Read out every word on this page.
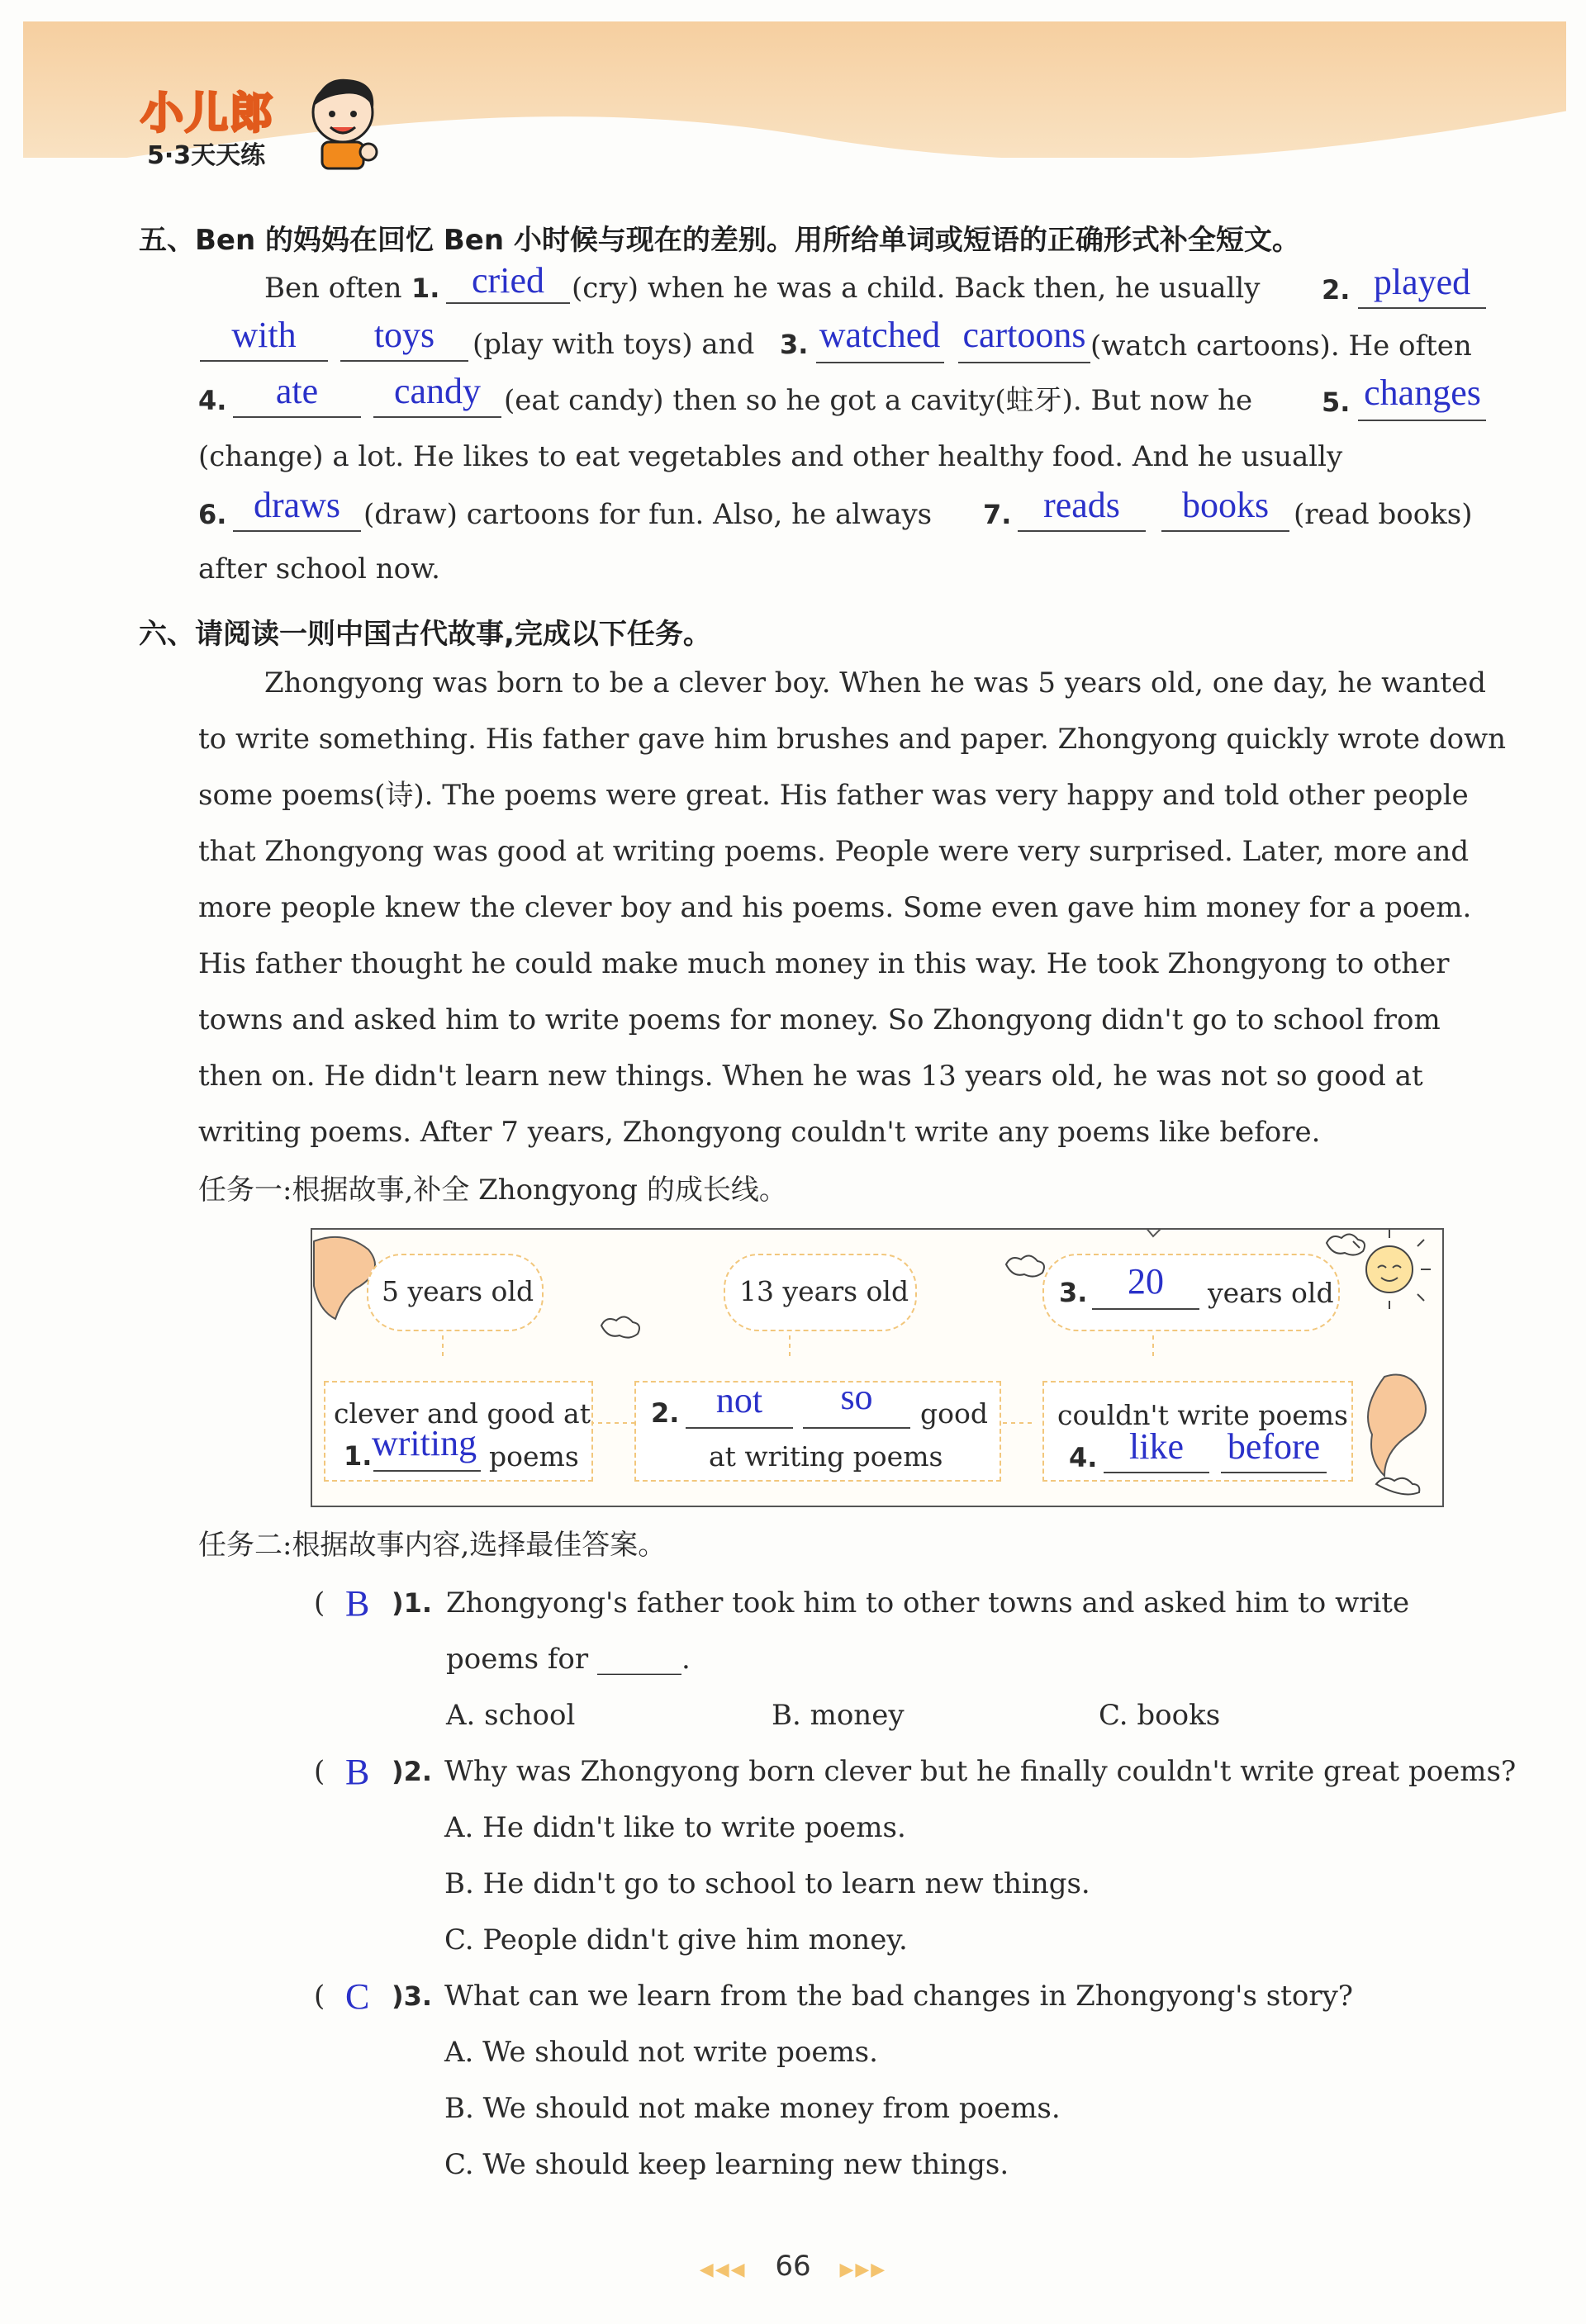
小儿郎
5·3天天练
五、Ben 的妈妈在回忆 Ben 小时候与现在的差别。用所给单词或短语的正确形式补全短文。
Ben often 1. cried (cry) when he was a child. Back then, he usually 2. played
with	toys	(play with toys) and 3. watched cartoons (watch cartoons). He often
4.	ate	candy (eat candy) then so he got a cavity(蛀牙). But now he	5. changes
(change) a lot. He likes to eat vegetables and other healthy food. And he usually
6. draws (draw) cartoons for fun. Also, he always 7. reads	books (read books)
after school now.
六、请阅读一则中国古代故事,完成以下任务。
Zhongyong was born to be a clever boy. When he was 5 years old, one day, he wanted
to write something. His father gave him brushes and paper. Zhongyong quickly wrote down
some poems(诗). The poems were great. His father was very happy and told other people
that Zhongyong was good at writing poems. People were very surprised. Later, more and
more people knew the clever boy and his poems. Some even gave him money for a poem.
His father thought he could make much money in this way. He took Zhongyong to other
towns and asked him to write poems for money. So Zhongyong didn't go to school from
then on. He didn't learn new things. When he was 13 years old, he was not so good at
writing poems. After 7 years, Zhongyong couldn't write any poems like before.
任务一:根据故事,补全 Zhongyong 的成长线。
5 years old	13 years old	3.	20	years old
clever and good at
1. writing poems
2.	not	so	good
at writing poems
couldn't write poems
4. like	before
任务二:根据故事内容,选择最佳答案。
( B )1. Zhongyong's father took him to other towns and asked him to write
poems for ______.
A. school	B. money	C. books
( B )2. Why was Zhongyong born clever but he finally couldn't write great poems?
A. He didn't like to write poems.
B. He didn't go to school to learn new things.
C. People didn't give him money.
( C )3. What can we learn from the bad changes in Zhongyong's story?
A. We should not write poems.
B. We should not make money from poems.
C. We should keep learning new things.
◀◀◀ 66 ▶▶▶
